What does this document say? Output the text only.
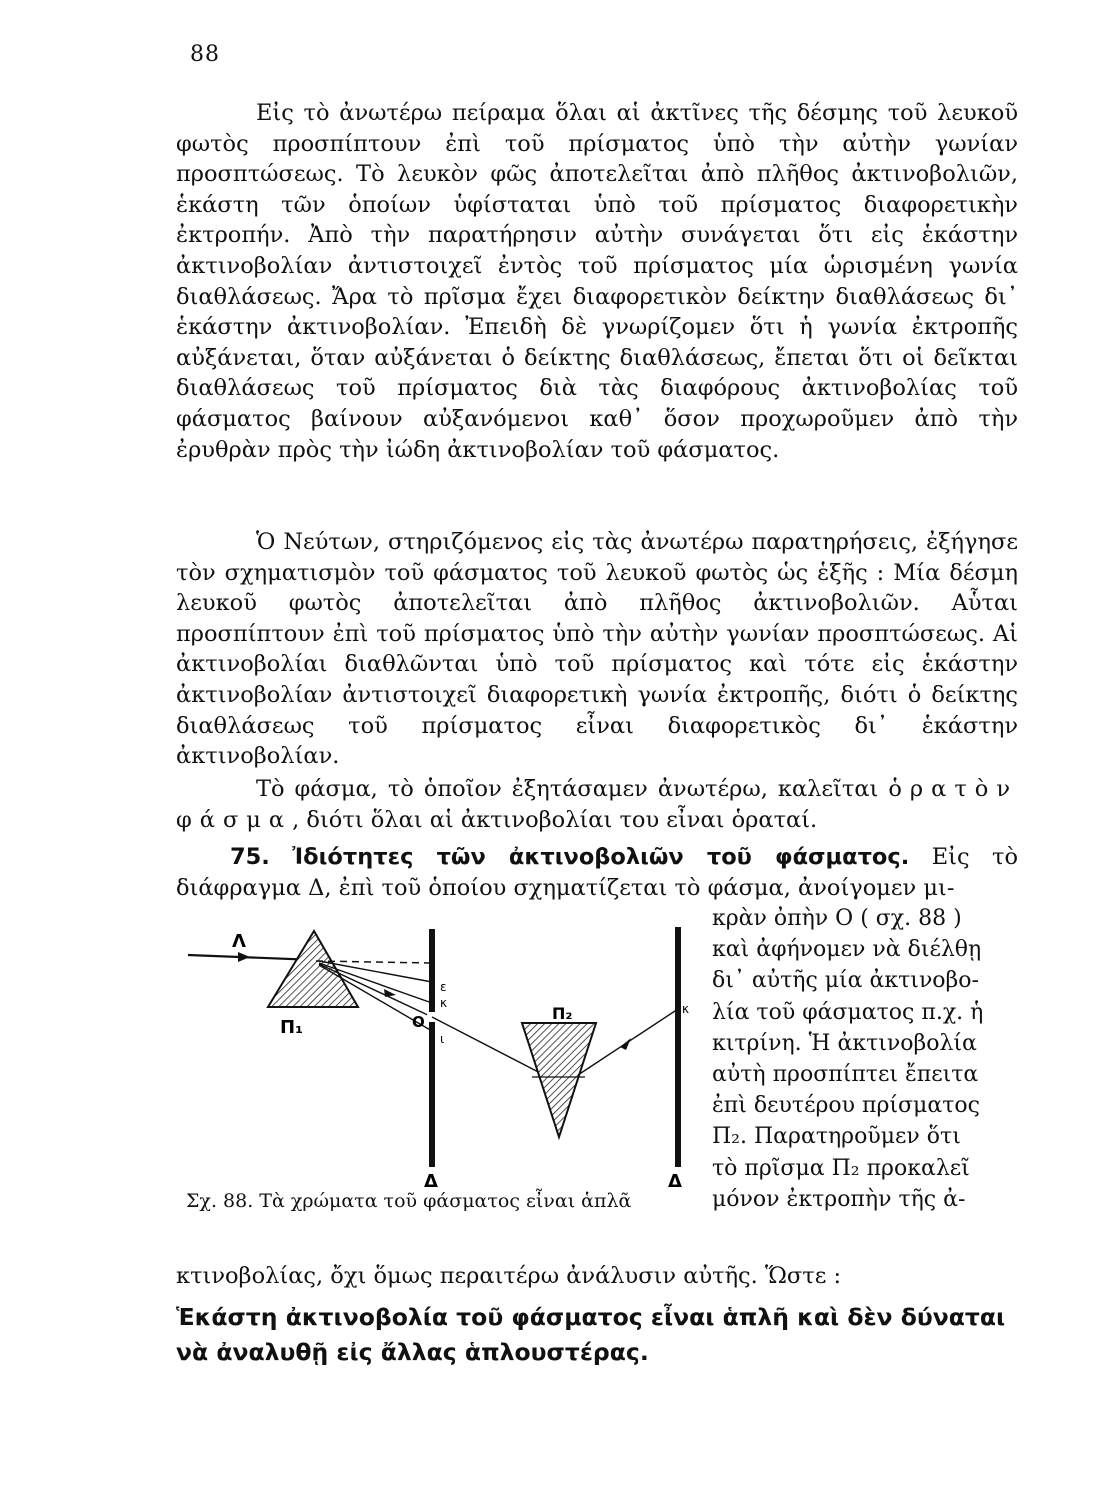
88

Εἰς τὸ ἀνωτέρω πείραμα ὅλαι αἱ ἀκτῖνες τῆς δέσμης τοῦ λευκοῦ φωτὸς προσπίπτουν ἐπὶ τοῦ πρίσματος ὑπὸ τὴν αὐτὴν γωνίαν προσπτώσεως. Τὸ λευκὸν φῶς ἀποτελεῖται ἀπὸ πλῆθος ἀκτινοβολιῶν, ἑκάστη τῶν ὁποίων ὑφίσταται ὑπὸ τοῦ πρίσματος διαφορετικὴν ἐκτροπήν. Ἀπὸ τὴν παρατήρησιν αὐτὴν συνάγεται ὅτι εἰς ἑκάστην ἀκτινοβολίαν ἀντιστοιχεῖ ἐντὸς τοῦ πρίσματος μία ὡρισμένη γωνία διαθλάσεως. Ἄρα τὸ πρῖσμα ἔχει διαφορετικὸν δείκτην διαθλάσεως δι᾽ ἑκάστην ἀκτινοβολίαν. Ἐπειδὴ δὲ γνωρίζομεν ὅτι ἡ γωνία ἐκτροπῆς αὐξάνεται, ὅταν αὐξάνεται ὁ δείκτης διαθλάσεως, ἔπεται ὅτι οἱ δεῖκται διαθλάσεως τοῦ πρίσματος διὰ τὰς διαφόρους ἀκτινοβολίας τοῦ φάσματος βαίνουν αὐξανόμενοι καθ᾽ ὅσον προχωροῦμεν ἀπὸ τὴν ἐρυθρὰν πρὸς τὴν ἰώδη ἀκτινοβολίαν τοῦ φάσματος.

Ὁ Νεύτων, στηριζόμενος εἰς τὰς ἀνωτέρω παρατηρήσεις, ἐξήγησε τὸν σχηματισμὸν τοῦ φάσματος τοῦ λευκοῦ φωτὸς ὡς ἑξῆς : Μία δέσμη λευκοῦ φωτὸς ἀποτελεῖται ἀπὸ πλῆθος ἀκτινοβολιῶν. Αὗται προσπίπτουν ἐπὶ τοῦ πρίσματος ὑπὸ τὴν αὐτὴν γωνίαν προσπτώσεως. Αἱ ἀκτινοβολίαι διαθλῶνται ὑπὸ τοῦ πρίσματος καὶ τότε εἰς ἑκάστην ἀκτινοβολίαν ἀντιστοιχεῖ διαφορετικὴ γωνία ἐκτροπῆς, διότι ὁ δείκτης διαθλάσεως τοῦ πρίσματος εἶναι διαφορετικὸς δι᾽ ἑκάστην ἀκτινοβολίαν.

Τὸ φάσμα, τὸ ὁποῖον ἐξητάσαμεν ἀνωτέρω, καλεῖται ὁρατὸν φάσμα, διότι ὅλαι αἱ ἀκτινοβολίαι του εἶναι ὁραταί.

75. Ἰδιότητες τῶν ἀκτινοβολιῶν τοῦ φάσματος. Εἰς τὸ διάφραγμα Δ, ἐπὶ τοῦ ὁποίου σχηματίζεται τὸ φάσμα, ἀνοίγομεν μι-

κρὰν ὀπὴν Ο ( σχ. 88 )
καὶ ἀφήνομεν νὰ διέλθῃ
δι᾽ αὐτῆς μία ἀκτινοβο-
λία τοῦ φάσματος π.χ. ἡ
κιτρίνη. Ἡ ἀκτινοβολία
αὐτὴ προσπίπτει ἔπειτα
ἐπὶ δευτέρου πρίσματος
Π₂. Παρατηροῦμεν ὅτι
τὸ πρῖσμα Π₂ προκαλεῖ
μόνον ἐκτροπὴν τῆς ἀ-

Λ
Π₁
ε
κ
Ο
ι
Π₂	κ
Δ	Δ
Σχ. 88. Τὰ χρώματα τοῦ φάσματος εἶναι ἁπλᾶ

κτινοβολίας, ὄχι ὅμως περαιτέρω ἀνάλυσιν αὐτῆς. Ὥστε :

Ἑκάστη ἀκτινοβολία τοῦ φάσματος εἶναι ἁπλῆ καὶ δὲν δύναται νὰ ἀναλυθῇ εἰς ἄλλας ἁπλουστέρας.
